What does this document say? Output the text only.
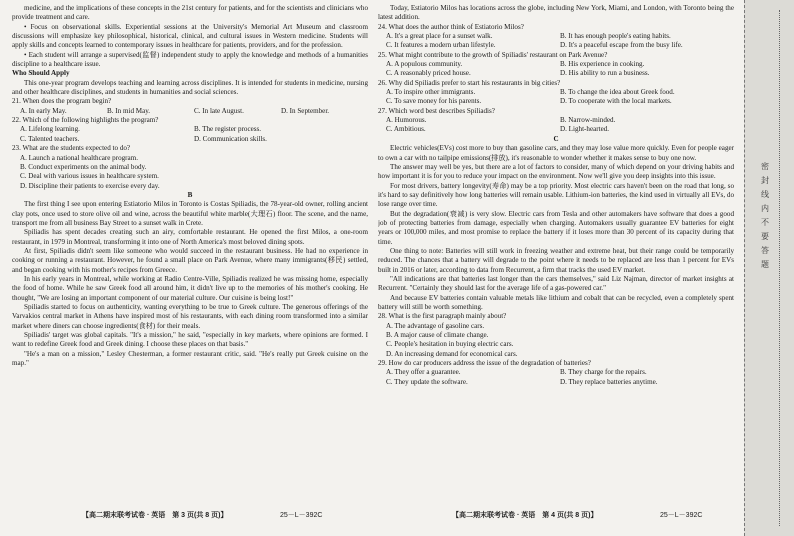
medicine, and the implications of these concepts in the 21st century for patients, and for the scientists and clinicians who provide treatment and care.

• Focus on observational skills. Experiential sessions at the University's Memorial Art Museum and classroom discussions will emphasize key philosophical, historical, clinical, and cultural issues in Western medicine. Students will apply skills and concepts learned to contemporary issues in healthcare for patients, providers, and for the profession.

• Each student will arrange a supervised(监督) independent study to apply the knowledge and methods of a humanities discipline to a healthcare issue.

Who Should Apply

This one-year program develops teaching and learning across disciplines. It is intended for students in medicine, nursing and other healthcare disciplines, and students in humanities and social sciences.

21. When does the program begin?

A. In early May.	B. In mid May.	C. In late August.	D. In September.

22. Which of the following highlights the program?

A. Lifelong learning.	B. The register process.
C. Talented teachers.	D. Communication skills.

23. What are the students expected to do?

A. Launch a national healthcare program.
B. Conduct experiments on the animal body.
C. Deal with various issues in healthcare system.
D. Discipline their patients to exercise every day.

B

The first thing I see upon entering Estiatorio Milos in Toronto is Costas Spiliadis, the 78-year-old owner, rolling ancient clay pots, once used to store olive oil and wine, across the beautiful white marble(大理石) floor. The scene, and the name, transport me from all business Bay Street to a sunset walk in Crete.

Spiliadis has spent decades creating such an airy, comfortable restaurant. He opened the first Milos, a one-room restaurant, in 1979 in Montreal, transforming it into one of North America's most beloved dining spots.

At first, Spiliadis didn't seem like someone who would succeed in the restaurant business. He had no experience in cooking or running a restaurant. However, he found a small place on Park Avenue, where many immigrants(移民) settled, and began cooking with his mother's recipes from Greece.

In his early years in Montreal, while working at Radio Centre-Ville, Spiliadis realized he was missing home, especially the food of home. While he saw Greek food all around him, it didn't live up to the memories of his mother's cooking. He thought, "We are losing an important component of our material culture. Our cuisine is being lost!"

Spiliadis started to focus on authenticity, wanting everything to be true to Greek culture. The generous offerings of the Varvakios central market in Athens have inspired most of his restaurants, with each dining room transformed into a similar market where diners can choose ingredients(食材) for their meals.

Spiliadis' target was global capitals. "It's a mission," he said, "especially in key markets, where opinions are formed. I want to redefine Greek food and Greek dining. I choose these places on that basis."

"He's a man on a mission," Lesley Chesterman, a former restaurant critic, said. "He's really put Greek cuisine on the map."

Today, Estiatorio Milos has locations across the globe, including New York, Miami, and London, with Toronto being the latest addition.

24. What does the author think of Estiatorio Milos?

A. It's a great place for a sunset walk.	B. It has enough people's eating habits.
C. It features a modern urban lifestyle.	D. It's a peaceful escape from the busy life.

25. What might contribute to the growth of Spiliadis' restaurant on Park Avenue?

A. A populous community.	B. His experience in cooking.
C. A reasonably priced house.	D. His ability to run a business.

26. Why did Spiliadis prefer to start his restaurants in big cities?

A. To inspire other immigrants.	B. To change the idea about Greek food.
C. To save money for his parents.	D. To cooperate with the local markets.

27. Which word best describes Spiliadis?

A. Humorous.	B. Narrow-minded.
C. Ambitious.	D. Light-hearted.

C

Electric vehicles(EVs) cost more to buy than gasoline cars, and they may lose value more quickly. Even for people eager to own a car with no tailpipe emissions(排放), it's reasonable to wonder whether it makes sense to buy one now.

The answer may well be yes, but there are a lot of factors to consider, many of which depend on your driving habits and how important it is for you to reduce your impact on the environment. Now we'll give you deep insights into this issue.

For most drivers, battery longevity(寿命) may be a top priority. Most electric cars haven't been on the road that long, so it's hard to say definitively how long batteries will remain usable. Lithium-ion batteries, the kind used in virtually all EVs, do lose range over time.

But the degradation(衰减) is very slow. Electric cars from Tesla and other automakers have software that does a good job of protecting batteries from damage, especially when charging. Automakers usually guarantee EV batteries for eight years or 100,000 miles, and most promise to replace the battery if it loses more than 30 percent of its capacity during that time.

One thing to note: Batteries will still work in freezing weather and extreme heat, but their range could be temporarily reduced. The chances that a battery will degrade to the point where it needs to be replaced are less than 1 percent for EVs built in 2016 or later, according to data from Recurrent, a firm that tracks the used EV market.

"All indications are that batteries last longer than the cars themselves," said Liz Najman, director of market insights at Recurrent. "Certainly they should last for the average life of a gas-powered car."

And because EV batteries contain valuable metals like lithium and cobalt that can be recycled, even a completely spent battery will still be worth something.

28. What is the first paragraph mainly about?

A. The advantage of gasoline cars.
B. A major cause of climate change.
C. People's hesitation in buying electric cars.
D. An increasing demand for economical cars.

29. How do car producers address the issue of the degradation of batteries?

A. They offer a guarantee.	B. They charge for the repairs.
C. They update the software.	D. They replace batteries anytime.
【高二期末联考试卷 · 英语　第 3 页(共 8 页)】	25－L－392C	【高二期末联考试卷 · 英语　第 4 页(共 8 页)】	25－L－392C
密封线内不要答题
